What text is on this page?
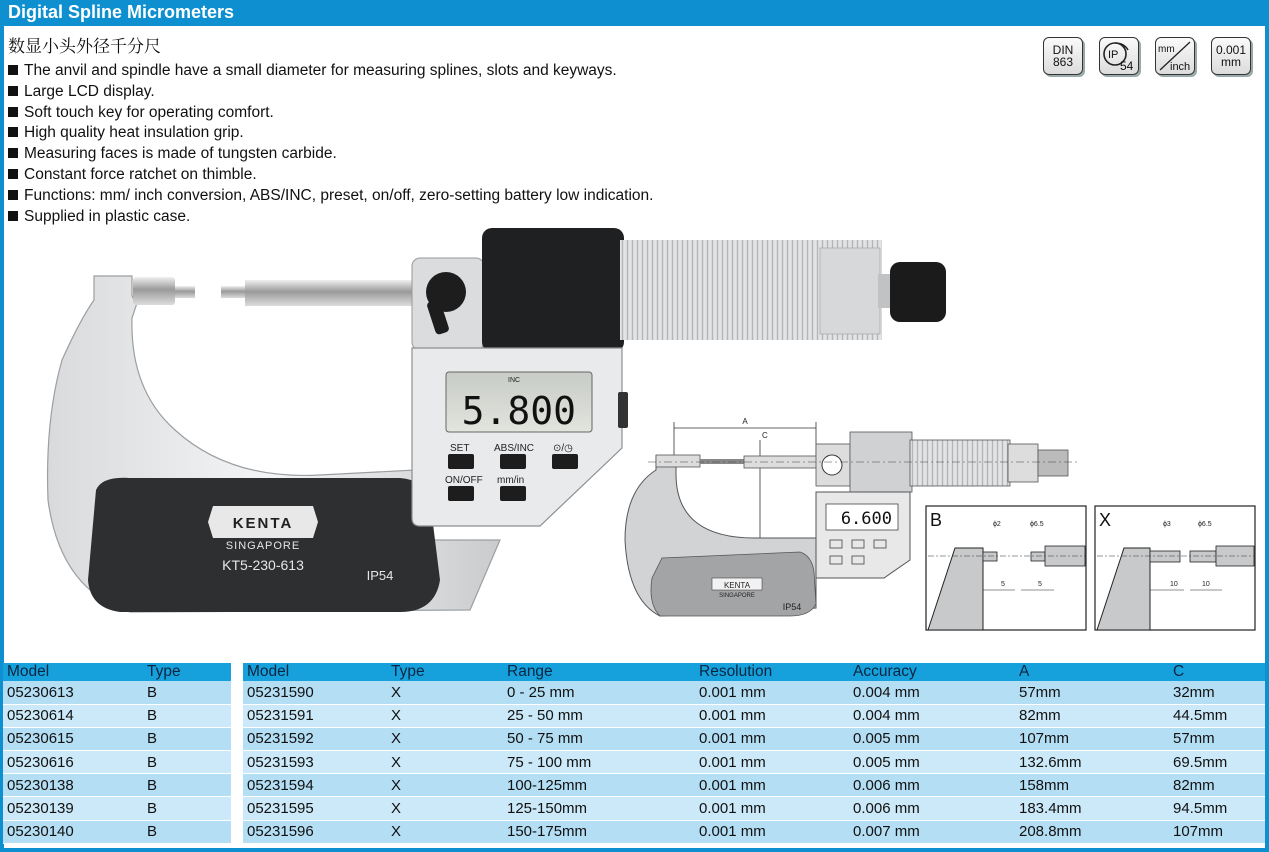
Digital Spline Micrometers
数显小头外径千分尺
The anvil and spindle have a small diameter for measuring splines, slots and keyways.
Large LCD display.
Soft touch key for operating comfort.
High quality heat insulation grip.
Measuring faces is made of tungsten carbide.
Constant force ratchet on thimble.
Functions: mm/ inch conversion, ABS/INC, preset, on/off, zero-setting battery low indication.
Supplied in plastic case.
DIN
863	IP
54
mm
inch
0.001
mm
INC
5.800
SET ABS/INC ⊙/◷
ON/OFF mm/in
KENTA
SINGAPORE
KT5-230-613
IP54
A
C
6.600
KENTA
SINGAPORE
IP54
B	ϕ2	ϕ6.5
5	5
X	ϕ3	ϕ6.5
10	10
Model	Type
05230613	B
05230614	B
05230615	B
05230616	B
05230138	B
05230139	B
05230140	B
Model	Type	Range	Resolution	Accuracy	A	C
05231590	X	0 - 25 mm	0.001 mm	0.004 mm	57mm	32mm
05231591	X	25 - 50 mm	0.001 mm	0.004 mm	82mm	44.5mm
05231592	X	50 - 75 mm	0.001 mm	0.005 mm	107mm	57mm
05231593	X	75 - 100 mm	0.001 mm	0.005 mm	132.6mm	69.5mm
05231594	X	100-125mm	0.001 mm	0.006 mm	158mm	82mm
05231595	X	125-150mm	0.001 mm	0.006 mm	183.4mm	94.5mm
05231596	X	150-175mm	0.001 mm	0.007 mm	208.8mm	107mm
